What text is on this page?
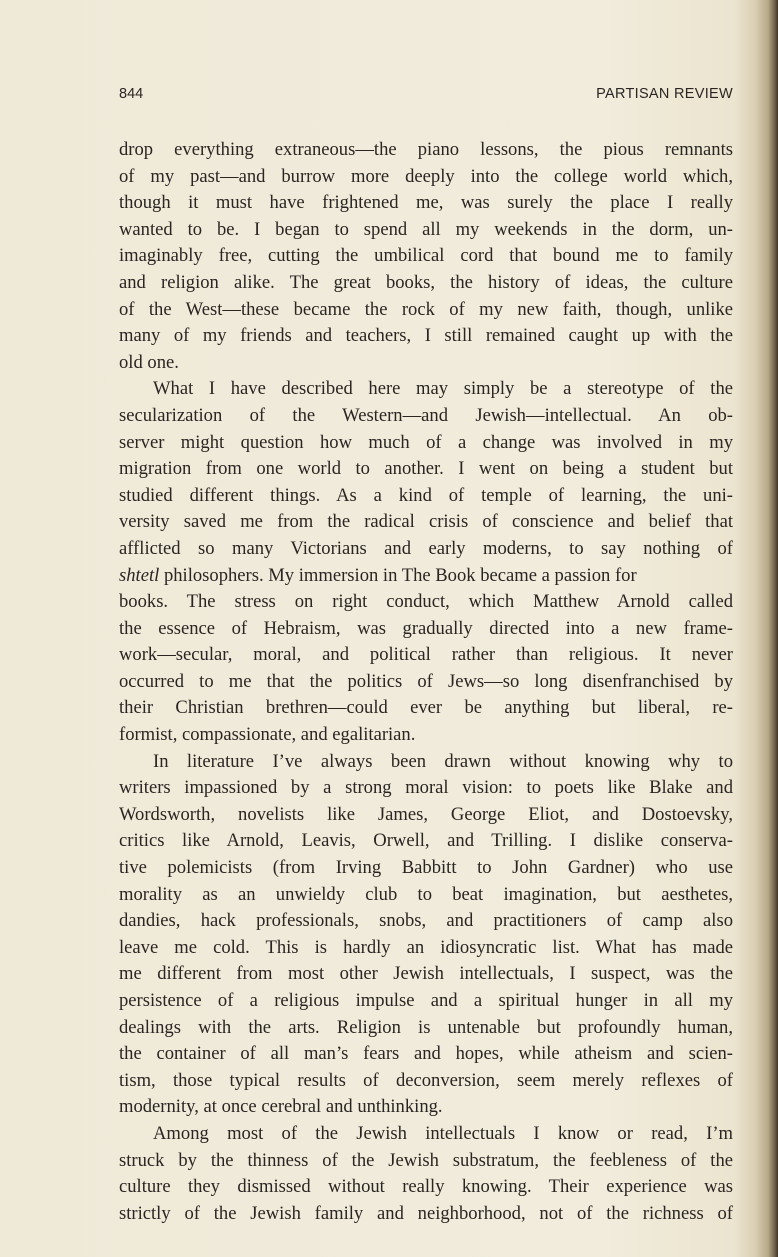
844	PARTISAN REVIEW
drop everything extraneous—the piano lessons, the pious remnants
of my past—and burrow more deeply into the college world which,
though it must have frightened me, was surely the place I really
wanted to be. I began to spend all my weekends in the dorm, un-
imaginably free, cutting the umbilical cord that bound me to family
and religion alike. The great books, the history of ideas, the culture
of the West—these became the rock of my new faith, though, unlike
many of my friends and teachers, I still remained caught up with the
old one.
What I have described here may simply be a stereotype of the
secularization of the Western—and Jewish—intellectual. An ob-
server might question how much of a change was involved in my
migration from one world to another. I went on being a student but
studied different things. As a kind of temple of learning, the uni-
versity saved me from the radical crisis of conscience and belief that
afflicted so many Victorians and early moderns, to say nothing of
shtetl philosophers. My immersion in The Book became a passion for
books. The stress on right conduct, which Matthew Arnold called
the essence of Hebraism, was gradually directed into a new frame-
work—secular, moral, and political rather than religious. It never
occurred to me that the politics of Jews—so long disenfranchised by
their Christian brethren—could ever be anything but liberal, re-
formist, compassionate, and egalitarian.
In literature I’ve always been drawn without knowing why to
writers impassioned by a strong moral vision: to poets like Blake and
Wordsworth, novelists like James, George Eliot, and Dostoevsky,
critics like Arnold, Leavis, Orwell, and Trilling. I dislike conserva-
tive polemicists (from Irving Babbitt to John Gardner) who use
morality as an unwieldy club to beat imagination, but aesthetes,
dandies, hack professionals, snobs, and practitioners of camp also
leave me cold. This is hardly an idiosyncratic list. What has made
me different from most other Jewish intellectuals, I suspect, was the
persistence of a religious impulse and a spiritual hunger in all my
dealings with the arts. Religion is untenable but profoundly human,
the container of all man’s fears and hopes, while atheism and scien-
tism, those typical results of deconversion, seem merely reflexes of
modernity, at once cerebral and unthinking.
Among most of the Jewish intellectuals I know or read, I’m
struck by the thinness of the Jewish substratum, the feebleness of the
culture they dismissed without really knowing. Their experience was
strictly of the Jewish family and neighborhood, not of the richness of
